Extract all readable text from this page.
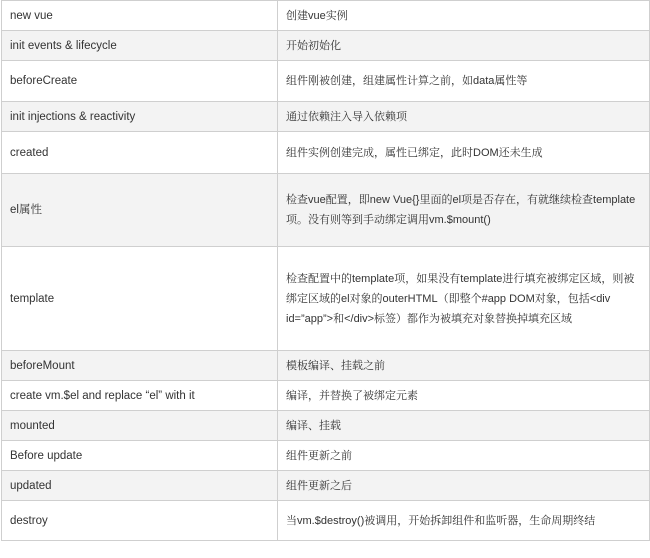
new vue	创建vue实例
init events & lifecycle	开始初始化
beforeCreate	组件刚被创建，组建属性计算之前，如data属性等
init injections & reactivity	通过依赖注入导入依赖项
created	组件实例创建完成，属性已绑定，此时DOM还未生成
el属性	检查vue配置，即new Vue{}里面的el项是否存在，有就继续检查template项。没有则等到手动绑定调用vm.$mount()
template	检查配置中的template项，如果没有template进行填充被绑定区域，则被绑定区域的el对象的outerHTML（即整个#app DOM对象，包括<div id=”app”>和</div>标签）都作为被填充对象替换掉填充区域
beforeMount	模板编译、挂载之前
create vm.$el and replace “el” with it	编译，并替换了被绑定元素
mounted	编译、挂载
Before update	组件更新之前
updated	组件更新之后
destroy	当vm.$destroy()被调用，开始拆卸组件和监听器，生命周期终结
